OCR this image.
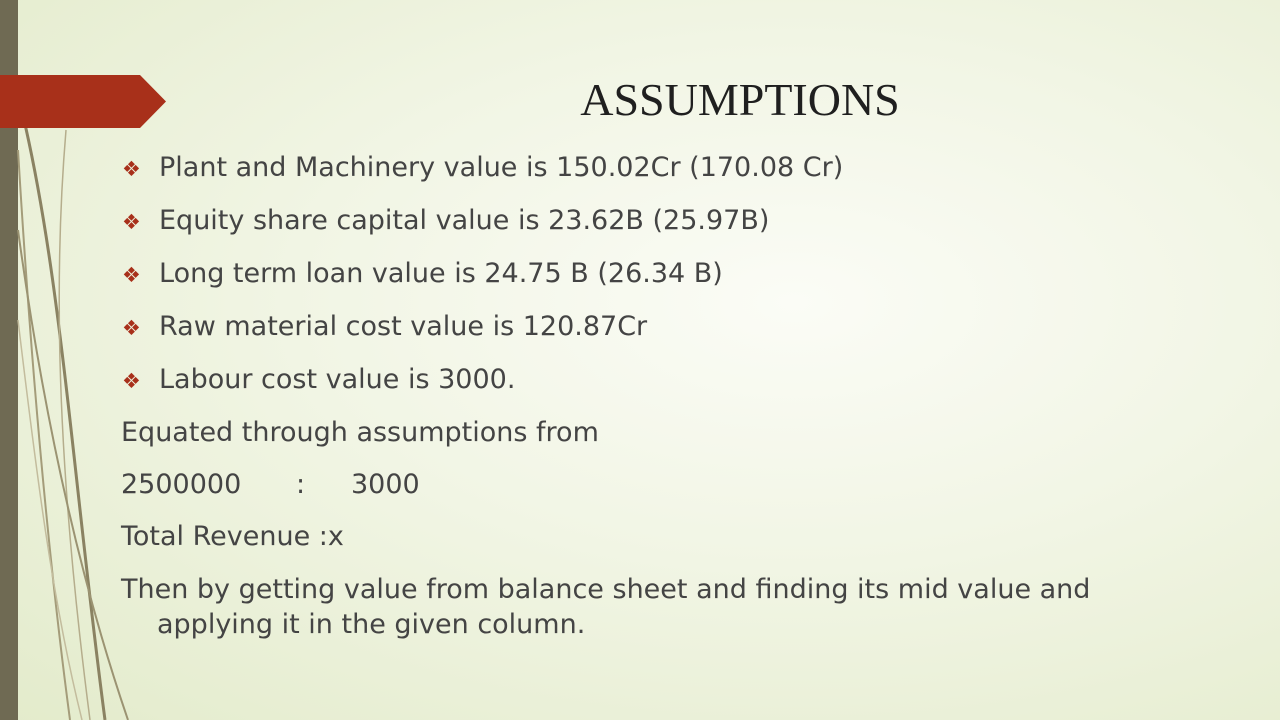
ASSUMPTIONS
❖ Plant and Machinery value is 150.02Cr (170.08 Cr)
❖ Equity share capital value is 23.62B (25.97B)
❖ Long term loan value is 24.75 B (26.34 B)
❖ Raw material cost value is 120.87Cr
❖ Labour cost value is 3000.
Equated through assumptions from
2500000	:	3000
Total Revenue :x
Then by getting value from balance sheet and finding its mid value and applying it in the given column.
